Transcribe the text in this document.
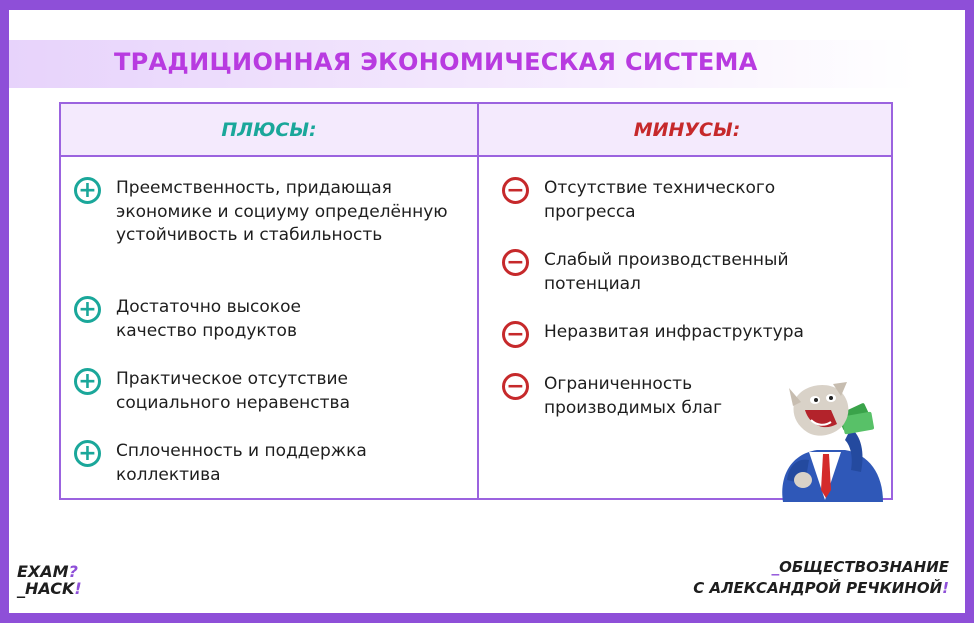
ТРАДИЦИОННАЯ ЭКОНОМИЧЕСКАЯ СИСТЕМА
ПЛЮСЫ:	МИНУСЫ:
+ Преемственность, придающая экономике и социуму определённую устойчивость и стабильность
+ Достаточно высокое качество продуктов
+ Практическое отсутствие социального неравенства
+ Сплоченность и поддержка коллектива
− Отсутствие технического прогресса
− Слабый производственный потенциал
− Неразвитая инфраструктура
− Ограниченность производимых благ
EXAM?
_HACK!
_ОБЩЕСТВОЗНАНИЕ
С АЛЕКСАНДРОЙ РЕЧКИНОЙ!
